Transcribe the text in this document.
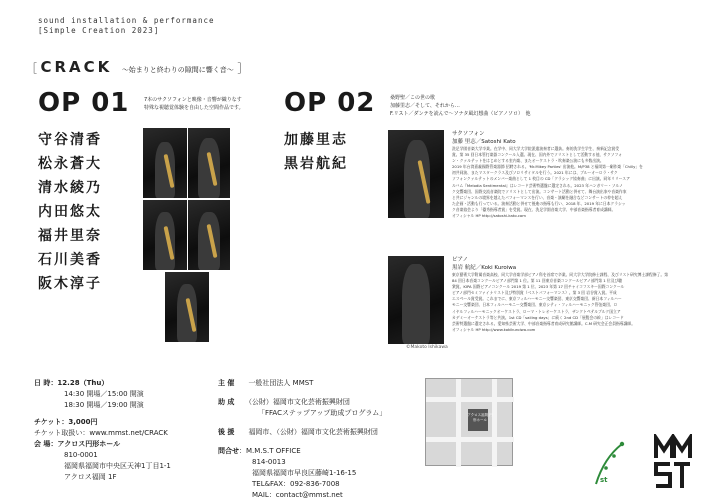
sound installation & performance
[Simple Creation 2023]
［ CRACK ～始まりと終わりの隙間に響く音～ ］
OP 01	7本のサクソフォンと映像・音響が織りなす
特殊な視聴覚体験を自由した空間作品です。
守谷清香
松永蒼大
清水綾乃
内田悠太
福井里奈
石川美香
阪木淳子
OP 02	桑野聖／この世の歌
加藤里志／そして、それから…
F.リスト／ダンテを読んで～ソナタ風幻想曲（ピアノソロ）　他
加藤里志
黒岩航紀
©Makoto Ishikawa
サクソフォン
加藤 里志／Satoshi Kato
洗足学園音楽大学卒業。在学中、同大学大学院派遣演奏者に選抜。奏的洗学生学生、奏新記念賞受
賞。第 35 回日本管打楽器コンクール入選。現在、国内外でソリストとして活動する他、サクソフォ
ン・クァルテットをはじめとする室内楽、またオーケストラ・吹奏楽公演にも多数出演。
2019 年台湾嘉義國際管楽器節 招聘される。'Mr.Mikey Parties' 出演他。M/P38 と福岡第一劇作楽「Chilly」を
初共同演、またマスタークラス及びソロリサイタルを行う。2021 年には、ブルーオーロラ・サク
ソフォンクァルテットのメンバー楽曲として 1 枚目の CD「クラシック協奏曲」に出演。同年リリースア
ルバム『Melodia Sentimental』はレコード芸術特選盤に選定される。2023 年ハンガリー・ソルノ
ク交響楽団、国際交流音楽院でソリストとして出演。コンサート活動と併せて、舞台演出家や音楽作家
と共にジャンルの境界を越えたパフォーマンスを行い、音楽・演劇を融合などコンサートの枠を超え
た企画・活動も行っている。演奏活動と併せて後進の指導も行い、2018 年、2019 年に日本クラシッ
ク音楽協会より「優秀指導者賞」を受賞。現在、洗足学園音楽大学、中部音楽指導者育成講師。
オフィシャル HP http://satoshi-kato.com
ピアノ
黒岩 航紀／Koki Kuroiwa
東京藝術大学附属音楽高校、同大学音楽学部ピアノ科を首席で卒業。同大学大学院修士課程、及びリスト研究博士課程修了。第
84 回日本音楽コンクールピアノ部門第 1 位。第 11 回東京音楽コンクールピアノ部門第 1 位及び聴
衆賞。KIPA 国際ピアノコンクール 2019 第 1 位、2023 年第 17 回チャイコフスキー国際コンクール
ピアノ部門セミファイナリスト及び特別賞（ベストパフォーマンス）。第 3 回 岩谷賞入賞。平成
エスペール賞受賞。これまでに、東京フィルハーモニー交響楽団、東京交響楽団、新日本フィルハー
モニー交響楽団、日本フィルハーモニー交響楽団、東京シティ・フィルハーモニック管弦楽団、ロ
イヤルフィルハーモニックオーケストラ、ローマ・トレオーケストラ、ザンクトペテルブルク国立ア
カデミーオーケストラ等と共演。1st CD「sailing days」に続く 2nd CD「展覧会の絵」はレコード
芸術特選盤に選定される。愛知県芸術大学、中部音楽指導者育成研究館講師。C.M 研究会正会員指導講師。
オフィシャル HP http://www.kokikuroiwa.com
日 時：12.28（Thu）
14:30 開場／15:00 開演
18:30 開場／19:00 開演
チケット：3,000円
チケット取扱い：www.mmst.net/CRACK
会 場：アクロス円形ホール
810-0001
福岡県福岡市中央区天神1丁目1-1
アクロス福岡 1F
主 催　　 一般社団法人 MMST
助 成　　 （公財）福岡市文化芸術振興財団
「FFACステップアップ助成プログラム」
後 援　　 福岡市、（公財）福岡市文化芸術振興財団
問合せ：M.M.S.T OFFICE
814-0013
福岡県福岡市早良区藤崎1-16-15
TEL&FAX：092-836-7008
MAIL：contact@mmst.net
アクロス福岡 円形ホール
st
